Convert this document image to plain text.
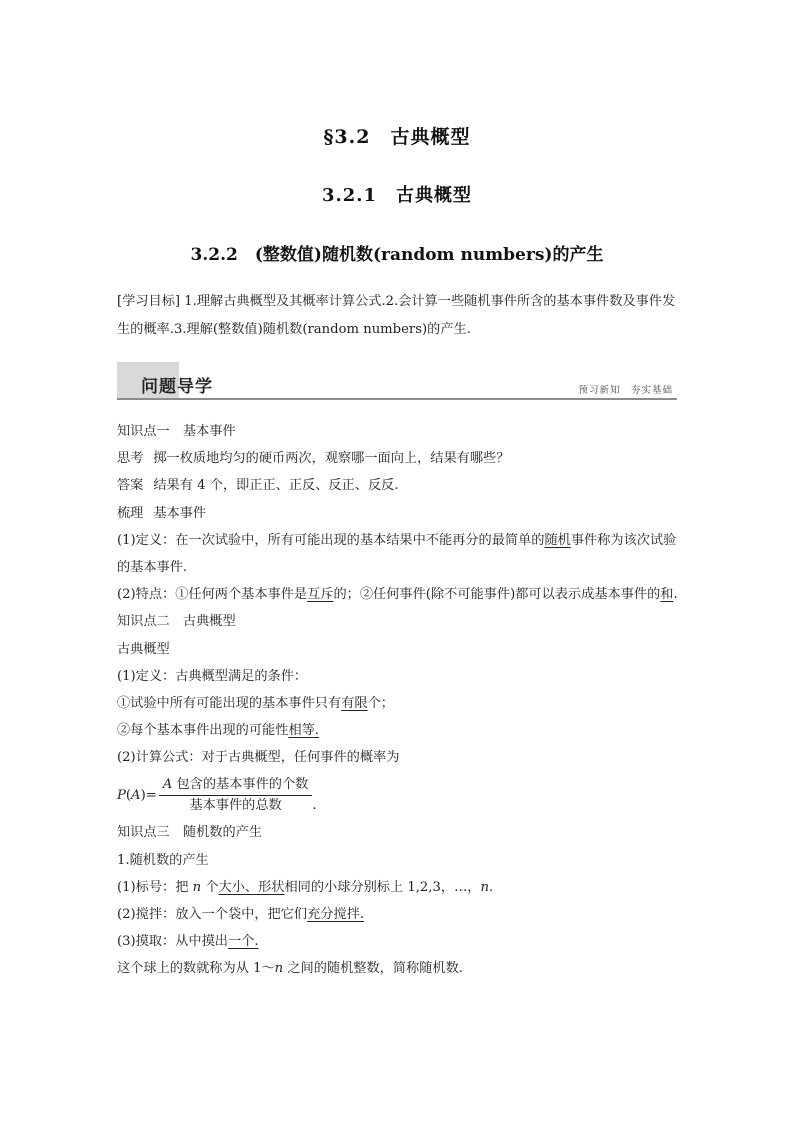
§3.2　古典概型
3.2.1　古典概型
3.2.2　(整数值)随机数(random numbers)的产生
[学习目标] 1.理解古典概型及其概率计算公式.2.会计算一些随机事件所含的基本事件数及事件发生的概率.3.理解(整数值)随机数(random numbers)的产生.
问题导学	预习新知　夯实基础
知识点一　基本事件
思考 掷一枚质地均匀的硬币两次，观察哪一面向上，结果有哪些？
答案 结果有 4 个，即正正、正反、反正、反反.
梳理 基本事件
(1)定义：在一次试验中，所有可能出现的基本结果中不能再分的最简单的随机事件称为该次试验的基本事件.
(2)特点：①任何两个基本事件是互斥的；②任何事件(除不可能事件)都可以表示成基本事件的和.
知识点二　古典概型
古典概型
(1)定义：古典概型满足的条件：
①试验中所有可能出现的基本事件只有有限个；
②每个基本事件出现的可能性相等.
(2)计算公式：对于古典概型，任何事件的概率为
$P(A)= \frac{\text{A 包含的基本事件的个数}}{\text{基本事件的总数}}$ .
知识点三　随机数的产生
1.随机数的产生
(1)标号：把 n 个大小、形状相同的小球分别标上 1,2,3，…，n.
(2)搅拌：放入一个袋中，把它们充分搅拌.
(3)摸取：从中摸出一个.
这个球上的数就称为从 1～n 之间的随机整数，简称随机数.
